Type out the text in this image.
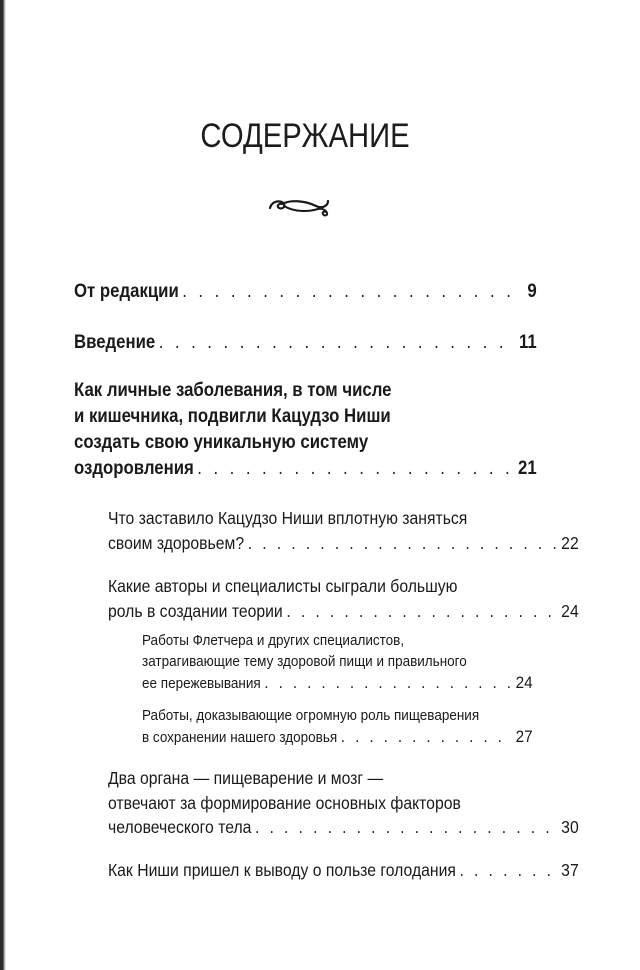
СОДЕРЖАНИЕ
От редакции . . .	9
Введение . . .	11
Как личные заболевания, в том числе
и кишечника, подвигли Кацудзо Ниши
создать свою уникальную систему
оздоровления . . .	21
Что заставило Кацудзо Ниши вплотную заняться
своим здоровьем? . . .	22
Какие авторы и специалисты сыграли большую
роль в создании теории . . .	24
Работы Флетчера и других специалистов,
затрагивающие тему здоровой пищи и правильного
ее пережевывания . . .	24
Работы, доказывающие огромную роль пищеварения
в сохранении нашего здоровья . . .	27
Два органа — пищеварение и мозг —
отвечают за формирование основных факторов
человеческого тела . . .	30
Как Ниши пришел к выводу о пользе голодания . . .	37
